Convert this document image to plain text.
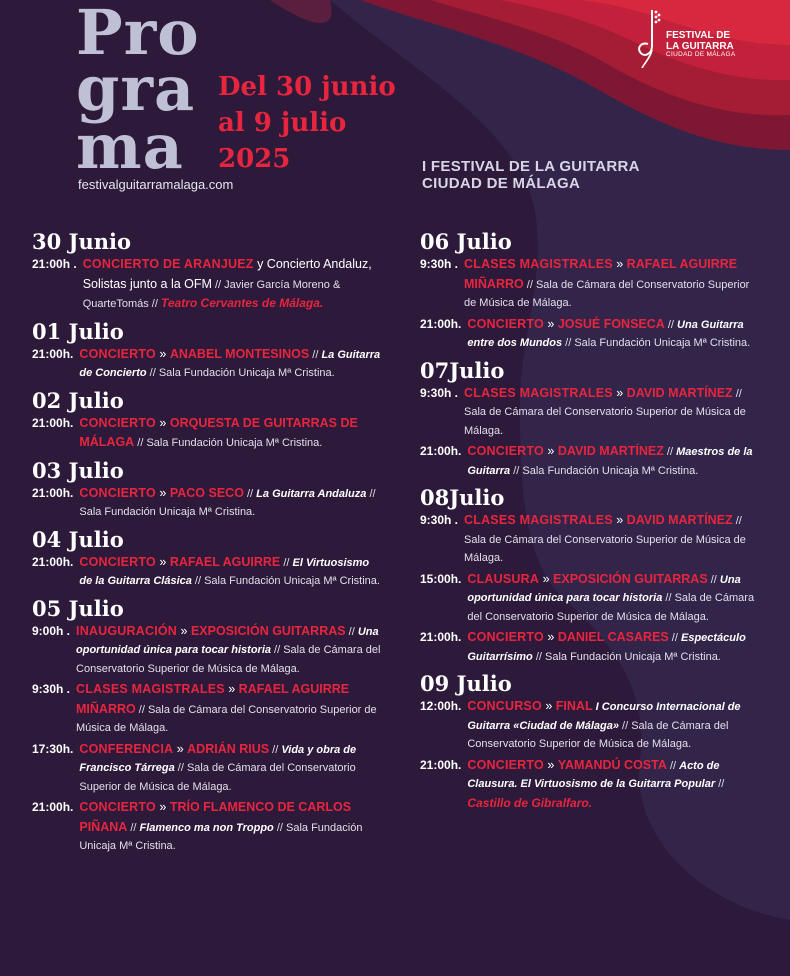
Pro
gra
ma
Del 30 junio
al 9 julio
2025
festivalguitarramalaga.com
I FESTIVAL DE LA GUITARRA
CIUDAD DE MÁLAGA
FESTIVAL DE
LA GUITARRA
CIUDAD DE MÁLAGA
30 Junio
21:00h . CONCIERTO DE ARANJUEZ y Concierto Andaluz, Solistas junto a la OFM // Javier García Moreno & QuarteTomás // Teatro Cervantes de Málaga.
01 Julio
21:00h. CONCIERTO » ANABEL MONTESINOS // La Guitarra de Concierto // Sala Fundación Unicaja Mª Cristina.
02 Julio
21:00h. CONCIERTO » ORQUESTA DE GUITARRAS DE MÁLAGA // Sala Fundación Unicaja Mª Cristina.
03 Julio
21:00h. CONCIERTO » PACO SECO // La Guitarra Andaluza // Sala Fundación Unicaja Mª Cristina.
04 Julio
21:00h. CONCIERTO » RAFAEL AGUIRRE // El Virtuosismo de la Guitarra Clásica // Sala Fundación Unicaja Mª Cristina.
05 Julio
9:00h . INAUGURACIÓN » EXPOSICIÓN GUITARRAS // Una oportunidad única para tocar historia // Sala de Cámara del Conservatorio Superior de Música de Málaga.
9:30h . CLASES MAGISTRALES » RAFAEL AGUIRRE MIÑARRO // Sala de Cámara del Conservatorio Superior de Música de Málaga.
17:30h. CONFERENCIA » ADRIÁN RIUS // Vida y obra de Francisco Tárrega // Sala de Cámara del Conservatorio Superior de Música de Málaga.
21:00h. CONCIERTO » TRÍO FLAMENCO DE CARLOS PIÑANA // Flamenco ma non Troppo // Sala Fundación Unicaja Mª Cristina.
06 Julio
9:30h . CLASES MAGISTRALES » RAFAEL AGUIRRE MIÑARRO // Sala de Cámara del Conservatorio Superior de Música de Málaga.
21:00h. CONCIERTO » JOSUÉ FONSECA // Una Guitarra entre dos Mundos // Sala Fundación Unicaja Mª Cristina.
07Julio
9:30h . CLASES MAGISTRALES » DAVID MARTÍNEZ // Sala de Cámara del Conservatorio Superior de Música de Málaga.
21:00h. CONCIERTO » DAVID MARTÍNEZ // Maestros de la Guitarra // Sala Fundación Unicaja Mª Cristina.
08Julio
9:30h . CLASES MAGISTRALES » DAVID MARTÍNEZ // Sala de Cámara del Conservatorio Superior de Música de Málaga.
15:00h. CLAUSURA » EXPOSICIÓN GUITARRAS // Una oportunidad única para tocar historia // Sala de Cámara del Conservatorio Superior de Música de Málaga.
21:00h. CONCIERTO » DANIEL CASARES // Espectáculo Guitarrísimo // Sala Fundación Unicaja Mª Cristina.
09 Julio
12:00h. CONCURSO » FINAL I Concurso Internacional de Guitarra «Ciudad de Málaga» // Sala de Cámara del Conservatorio Superior de Música de Málaga.
21:00h. CONCIERTO » YAMANDÚ COSTA // Acto de Clausura. El Virtuosismo de la Guitarra Popular // Castillo de Gibralfaro.
